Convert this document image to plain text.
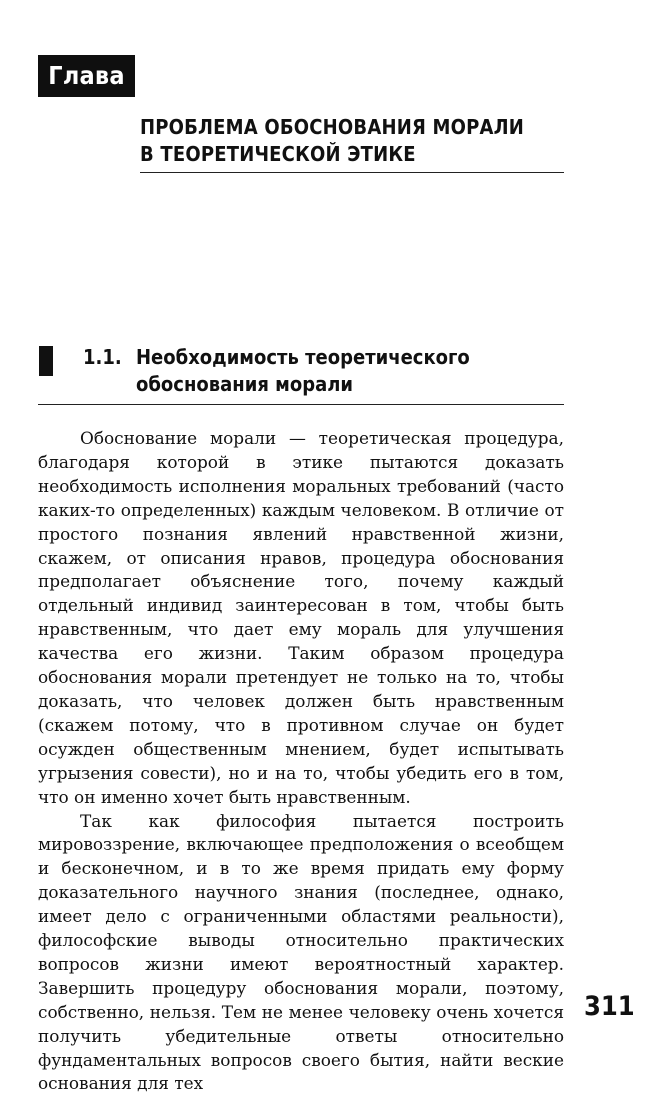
Глава 1	ПРОБЛЕМА ОБОСНОВАНИЯ МОРАЛИ
В ТЕОРЕТИЧЕСКОЙ ЭТИКЕ
1.1. Необходимость теоретического
обоснования морали

Обоснование морали — теоретическая процедура, благодаря которой в этике пытаются доказать необходимость исполнения моральных требований (часто каких-то определенных) каждым человеком. В отличие от простого познания явлений нравственной жизни, скажем, от описания нравов, процедура обоснования предполагает объяснение того, почему каждый отдельный индивид заинтересован в том, чтобы быть нравственным, что дает ему мораль для улучшения качества его жизни. Таким образом процедура обоснования морали претендует не только на то, чтобы доказать, что человек должен быть нравственным (скажем потому, что в противном случае он будет осужден общественным мнением, будет испытывать угрызения совести), но и на то, чтобы убедить его в том, что он именно хочет быть нравственным.

Так как философия пытается построить мировоззрение, включающее предположения о всеобщем и бесконечном, и в то же время придать ему форму доказательного научного знания (последнее, однако, имеет дело с ограниченными областями реальности), философские выводы относительно практических вопросов жизни имеют вероятностный характер. Завершить процедуру обоснования морали, поэтому, собственно, нельзя. Тем не менее человеку очень хочется получить убедительные ответы относительно фундаментальных вопросов своего бытия, найти веские основания для тех

311
